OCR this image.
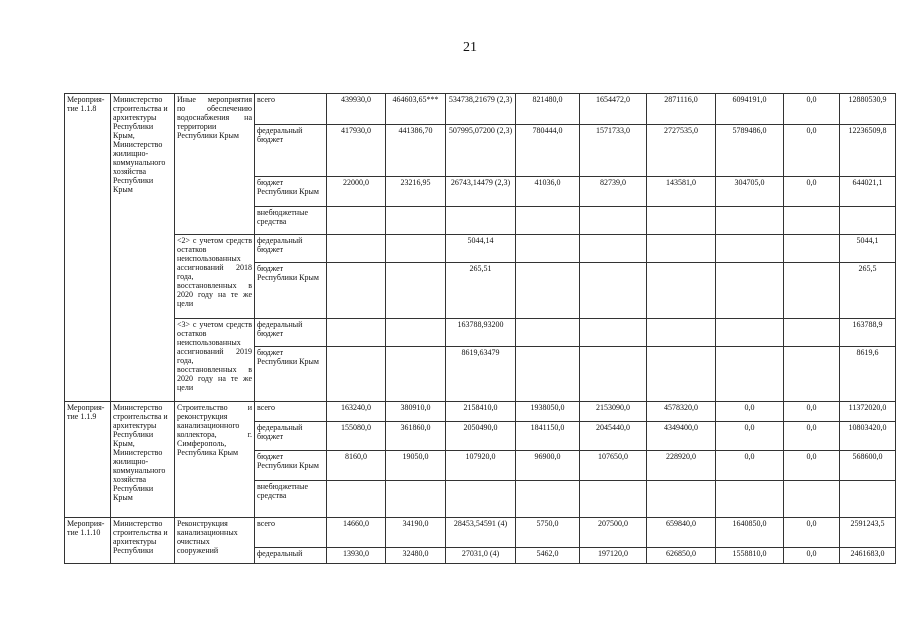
21
Мероприя-тие 1.1.8	Министерство строительства и архитектуры Республики Крым, Министерство жилищно-коммунального хозяйства Республики Крым	Иные мероприятия по обеспечению водоснабжения на территории Республики Крым	всего	439930,0	464603,65***	534738,21679 (2,3)	821480,0	1654472,0	2871116,0	6094191,0	0,0	12880530,9
			федеральный бюджет	417930,0	441386,70	507995,07200 (2,3)	780444,0	1571733,0	2727535,0	5789486,0	0,0	12236509,8
			бюджет Республики Крым	22000,0	23216,95	26743,14479 (2,3)	41036,0	82739,0	143581,0	304705,0	0,0	644021,1
			внебюджетные средства									
		<2> с учетом средств остатков неиспользованных ассигнований 2018 года, восстановленных в 2020 году на те же цели	федеральный бюджет			5044,14						5044,1
			бюджет Республики Крым			265,51						265,5
		<3> с учетом средств остатков неиспользованных ассигнований 2019 года, восстановленных в 2020 году на те же цели	федеральный бюджет			163788,93200						163788,9
			бюджет Республики Крым			8619,63479						8619,6
Мероприя-тие 1.1.9	Министерство строительства и архитектуры Республики Крым, Министерство жилищно-коммунального хозяйства Республики Крым	Строительство и реконструкция канализационного коллектора, г. Симферополь, Республика Крым	всего	163240,0	380910,0	2158410,0	1938050,0	2153090,0	4578320,0	0,0	0,0	11372020,0
			федеральный бюджет	155080,0	361860,0	2050490,0	1841150,0	2045440,0	4349400,0	0,0	0,0	10803420,0
			бюджет Республики Крым	8160,0	19050,0	107920,0	96900,0	107650,0	228920,0	0,0	0,0	568600,0
			внебюджетные средства									
Мероприя-тие 1.1.10	Министерство строительства и архитектуры Республики	Реконструкция канализационных очистных сооружений	всего	14660,0	34190,0	28453,54591 (4)	5750,0	207500,0	659840,0	1640850,0	0,0	2591243,5
			федеральный	13930,0	32480,0	27031,0 (4)	5462,0	197120,0	626850,0	1558810,0	0,0	2461683,0
